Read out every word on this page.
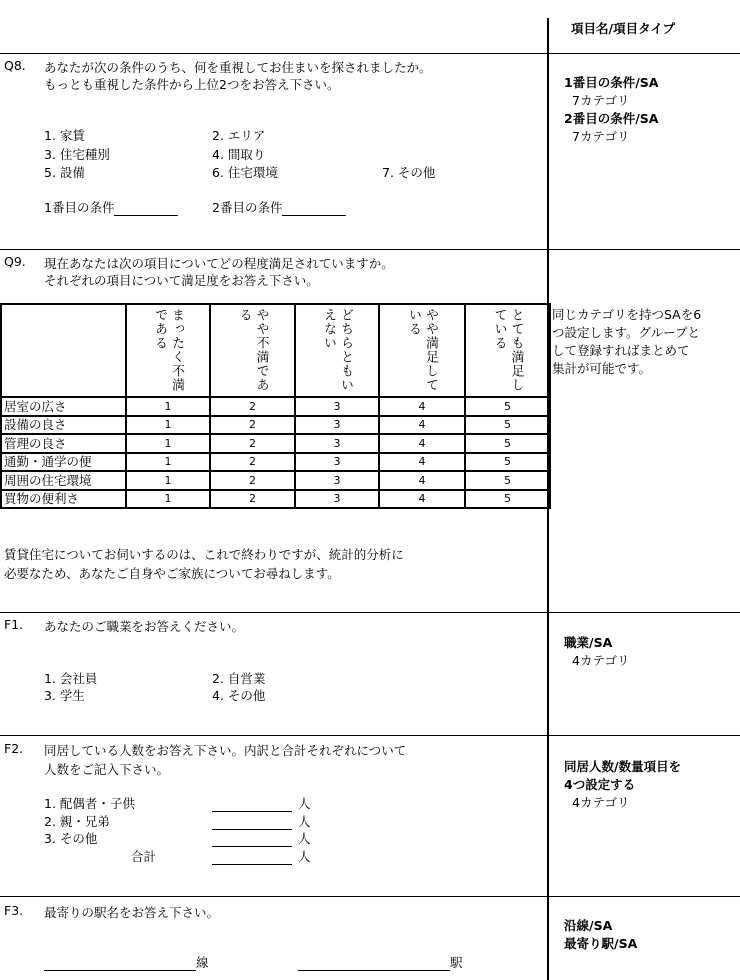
項目名/項目タイプ
Q8. あなたが次の条件のうち、何を重視してお住まいを探されましたか。
もっとも重視した条件から上位2つをお答え下さい。
1. 家賃	2. エリア
3. 住宅種別	4. 間取り
5. 設備	6. 住宅環境	7. その他
1番目の条件	2番目の条件
1番目の条件/SA
7カテゴリ
2番目の条件/SA
7カテゴリ
Q9. 現在あなたは次の項目についてどの程度満足されていますか。
それぞれの項目について満足度をお答え下さい。

	まったく不満である	やや不満である	どちらともいえない	やや満足している	とても満足している

居室の広さ	1	2	3	4	5
設備の良さ	1	2	3	4	5
管理の良さ	1	2	3	4	5
通勤・通学の便	1	2	3	4	5
周囲の住宅環境	1	2	3	4	5
買物の便利さ	1	2	3	4	5
同じカテゴリを持つSAを6
つ設定します。グループと
して登録すればまとめて
集計が可能です。
賃貸住宅についてお伺いするのは、これで終わりですが、統計的分析に
必要なため、あなたご自身やご家族についてお尋ねします。
F1. あなたのご職業をお答えください。
1. 会社員	2. 自営業
3. 学生	4. その他
職業/SA
4カテゴリ
F2. 同居している人数をお答え下さい。内訳と合計それぞれについて
人数をご記入下さい。
1. 配偶者・子供	人
2. 親・兄弟	人
3. その他	人
合計	人
同居人数/数量項目を
4つ設定する
4カテゴリ
F3. 最寄りの駅名をお答え下さい。
線	駅
沿線/SA
最寄り駅/SA
